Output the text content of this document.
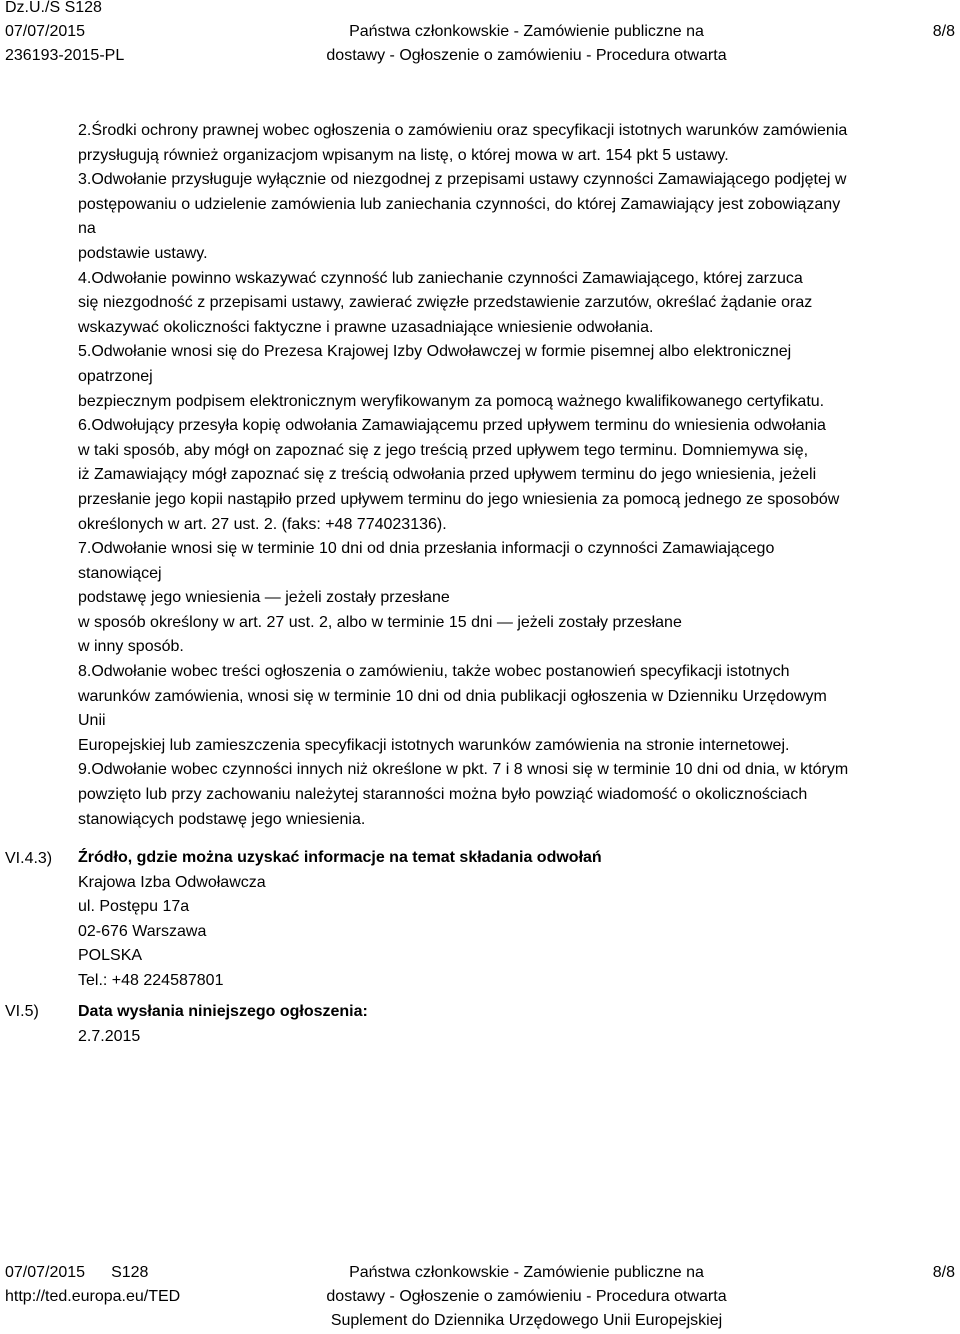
Dz.U./S S128
07/07/2015
236193-2015-PL
Państwa członkowskie - Zamówienie publiczne na
dostawy - Ogłoszenie o zamówieniu - Procedura otwarta
8/8
2.Środki ochrony prawnej wobec ogłoszenia o zamówieniu oraz specyfikacji istotnych warunków zamówienia
przysługują również organizacjom wpisanym na listę, o której mowa w art. 154 pkt 5 ustawy.
3.Odwołanie przysługuje wyłącznie od niezgodnej z przepisami ustawy czynności Zamawiającego podjętej w
postępowaniu o udzielenie zamówienia lub zaniechania czynności, do której Zamawiający jest zobowiązany
na
podstawie ustawy.
4.Odwołanie powinno wskazywać czynność lub zaniechanie czynności Zamawiającego, której zarzuca
się niezgodność z przepisami ustawy, zawierać zwięzłe przedstawienie zarzutów, określać żądanie oraz
wskazywać okoliczności faktyczne i prawne uzasadniające wniesienie odwołania.
5.Odwołanie wnosi się do Prezesa Krajowej Izby Odwoławczej w formie pisemnej albo elektronicznej
opatrzonej
bezpiecznym podpisem elektronicznym weryfikowanym za pomocą ważnego kwalifikowanego certyfikatu.
6.Odwołujący przesyła kopię odwołania Zamawiającemu przed upływem terminu do wniesienia odwołania
w taki sposób, aby mógł on zapoznać się z jego treścią przed upływem tego terminu. Domniemywa się,
iż Zamawiający mógł zapoznać się z treścią odwołania przed upływem terminu do jego wniesienia, jeżeli
przesłanie jego kopii nastąpiło przed upływem terminu do jego wniesienia za pomocą jednego ze sposobów
określonych w art. 27 ust. 2. (faks: +48 774023136).
7.Odwołanie wnosi się w terminie 10 dni od dnia przesłania informacji o czynności Zamawiającego
stanowiącej
podstawę jego wniesienia — jeżeli zostały przesłane
w sposób określony w art. 27 ust. 2, albo w terminie 15 dni — jeżeli zostały przesłane
w inny sposób.
8.Odwołanie wobec treści ogłoszenia o zamówieniu, także wobec postanowień specyfikacji istotnych
warunków zamówienia, wnosi się w terminie 10 dni od dnia publikacji ogłoszenia w Dzienniku Urzędowym
Unii
Europejskiej lub zamieszczenia specyfikacji istotnych warunków zamówienia na stronie internetowej.
9.Odwołanie wobec czynności innych niż określone w pkt. 7 i 8 wnosi się w terminie 10 dni od dnia, w którym
powzięto lub przy zachowaniu należytej staranności można było powziąć wiadomość o okolicznościach
stanowiących podstawę jego wniesienia.
VI.4.3) Źródło, gdzie można uzyskać informacje na temat składania odwołań
Krajowa Izba Odwoławcza
ul. Postępu 17a
02-676 Warszawa
POLSKA
Tel.: +48 224587801
VI.5) Data wysłania niniejszego ogłoszenia:
2.7.2015
07/07/2015 S128
http://ted.europa.eu/TED
Państwa członkowskie - Zamówienie publiczne na
dostawy - Ogłoszenie o zamówieniu - Procedura otwarta
Suplement do Dziennika Urzędowego Unii Europejskiej
8/8
